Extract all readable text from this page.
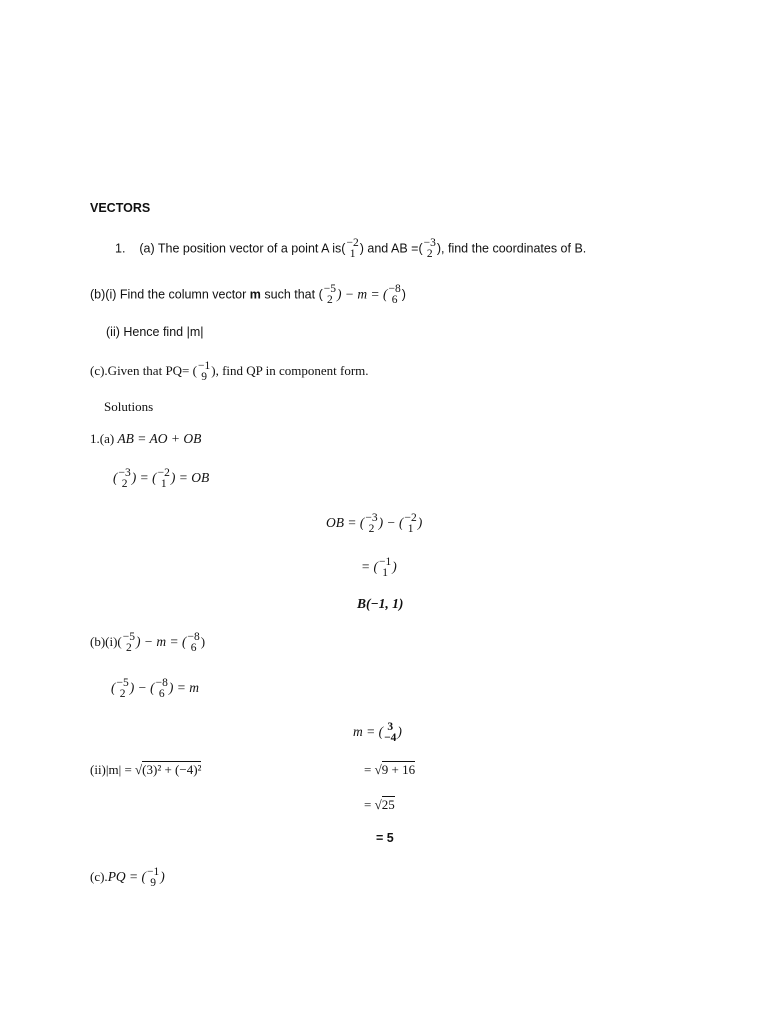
VECTORS
1. (a) The position vector of a point A is( −2
1 ) and AB =( −3
2 ), find the coordinates of B.
(b)(i) Find the column vector m such that ( −5
2 ) − m = ( −8
6 )
(ii) Hence find |m|
(c).Given that PQ= ( −1
9 ), find QP in component form.
Solutions
1.(a) AB = AO + OB
( −3
2 ) = ( −2
1 ) = OB
OB = ( −3
2 ) − ( −2
1 )
= ( −1
1 )
B(−1, 1)
(b)(i)( −5
2 ) − m = ( −8
6 )
( −5
2 ) − ( −8
6 ) = m
m = ( 3
−4 )
(ii)|m| = √(3)² + (−4)²	= √9 + 16
= √25
= 5
(c).PQ = ( −1
9 )
